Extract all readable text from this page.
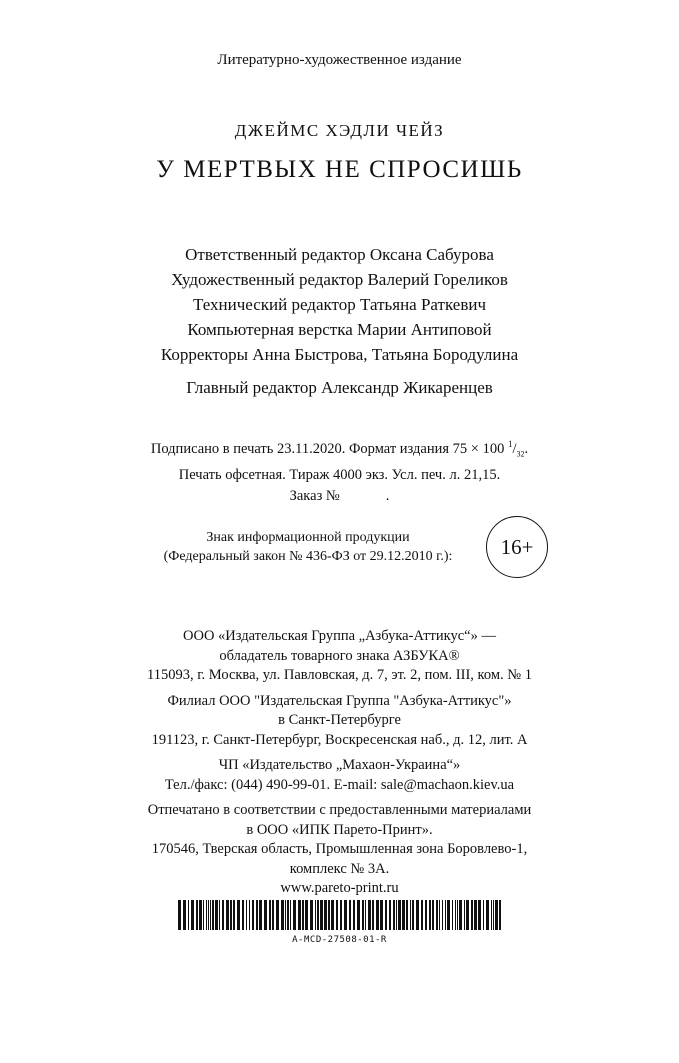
Литературно-художественное издание
ДЖЕЙМС ХЭДЛИ ЧЕЙЗ
У МЕРТВЫХ НЕ СПРОСИШЬ
Ответственный редактор Оксана Сабурова
Художественный редактор Валерий Гореликов
Технический редактор Татьяна Раткевич
Компьютерная верстка Марии Антиповой
Корректоры Анна Быстрова, Татьяна Бородулина
Главный редактор Александр Жикаренцев
Подписано в печать 23.11.2020. Формат издания 75 × 100 $^1/_{32}$.
Печать офсетная. Тираж 4000 экз. Усл. печ. л. 21,15.
Заказ №	.
Знак информационной продукции
(Федеральный закон № 436-ФЗ от 29.12.2010 г.):	16+
ООО «Издательская Группа „Азбука-Аттикус“» —
обладатель товарного знака АЗБУКА®
115093, г. Москва, ул. Павловская, д. 7, эт. 2, пом. III, ком. № 1
Филиал ООО "Издательская Группа "Азбука-Аттикус"»
в Санкт-Петербурге
191123, г. Санкт-Петербург, Воскресенская наб., д. 12, лит. А
ЧП «Издательство „Махаон-Украина“»
Тел./факс: (044) 490-99-01. E-mail: sale@machaon.kiev.ua
Отпечатано в соответствии с предоставленными материалами
в ООО «ИПК Парето-Принт».
170546, Тверская область, Промышленная зона Боровлево-1,
комплекс № 3А.
www.pareto-print.ru
A-MCD-27508-01-R
